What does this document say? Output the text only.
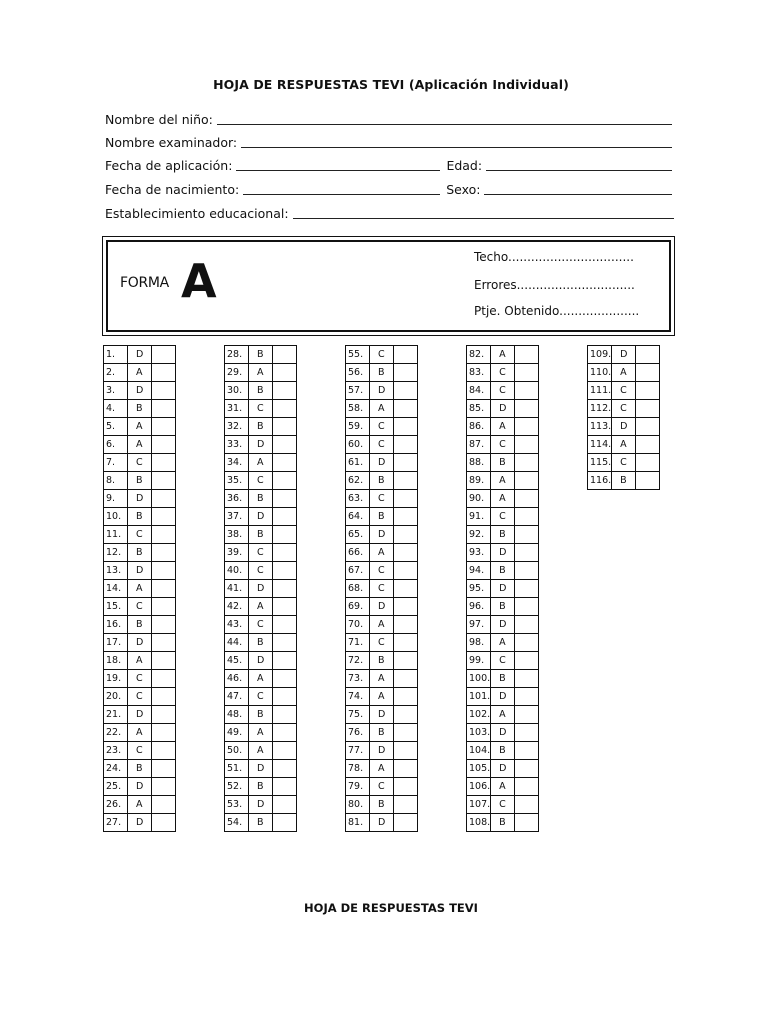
HOJA DE RESPUESTAS TEVI (Aplicación Individual)
Nombre del niño:
Nombre examinador:
Fecha de aplicación:	Edad:
Fecha de nacimiento:	Sexo:
Establecimiento educacional:
FORMA A	Techo.................................
Errores...............................
Ptje. Obtenido.....................
1.	D	
2.	A	
3.	D	
4.	B	
5.	A	
6.	A	
7.	C	
8.	B	
9.	D	
10.	B	
11.	C	
12.	B	
13.	D	
14.	A	
15.	C	
16.	B	
17.	D	
18.	A	
19.	C	
20.	C	
21.	D	
22.	A	
23.	C	
24.	B	
25.	D	
26.	A	
27.	D	
28.	B	
29.	A	
30.	B	
31.	C	
32.	B	
33.	D	
34.	A	
35.	C	
36.	B	
37.	D	
38.	B	
39.	C	
40.	C	
41.	D	
42.	A	
43.	C	
44.	B	
45.	D	
46.	A	
47.	C	
48.	B	
49.	A	
50.	A	
51.	D	
52.	B	
53.	D	
54.	B	
55.	C	
56.	B	
57.	D	
58.	A	
59.	C	
60.	C	
61.	D	
62.	B	
63.	C	
64.	B	
65.	D	
66.	A	
67.	C	
68.	C	
69.	D	
70.	A	
71.	C	
72.	B	
73.	A	
74.	A	
75.	D	
76.	B	
77.	D	
78.	A	
79.	C	
80.	B	
81.	D	
82.	A	
83.	C	
84.	C	
85.	D	
86.	A	
87.	C	
88.	B	
89.	A	
90.	A	
91.	C	
92.	B	
93.	D	
94.	B	
95.	D	
96.	B	
97.	D	
98.	A	
99.	C	
100.	B	
101.	D	
102.	A	
103.	D	
104.	B	
105.	D	
106.	A	
107.	C	
108.	B	
109.	D	
110.	A	
111.	C	
112.	C	
113.	D	
114.	A	
115.	C	
116.	B	
HOJA DE RESPUESTAS TEVI
